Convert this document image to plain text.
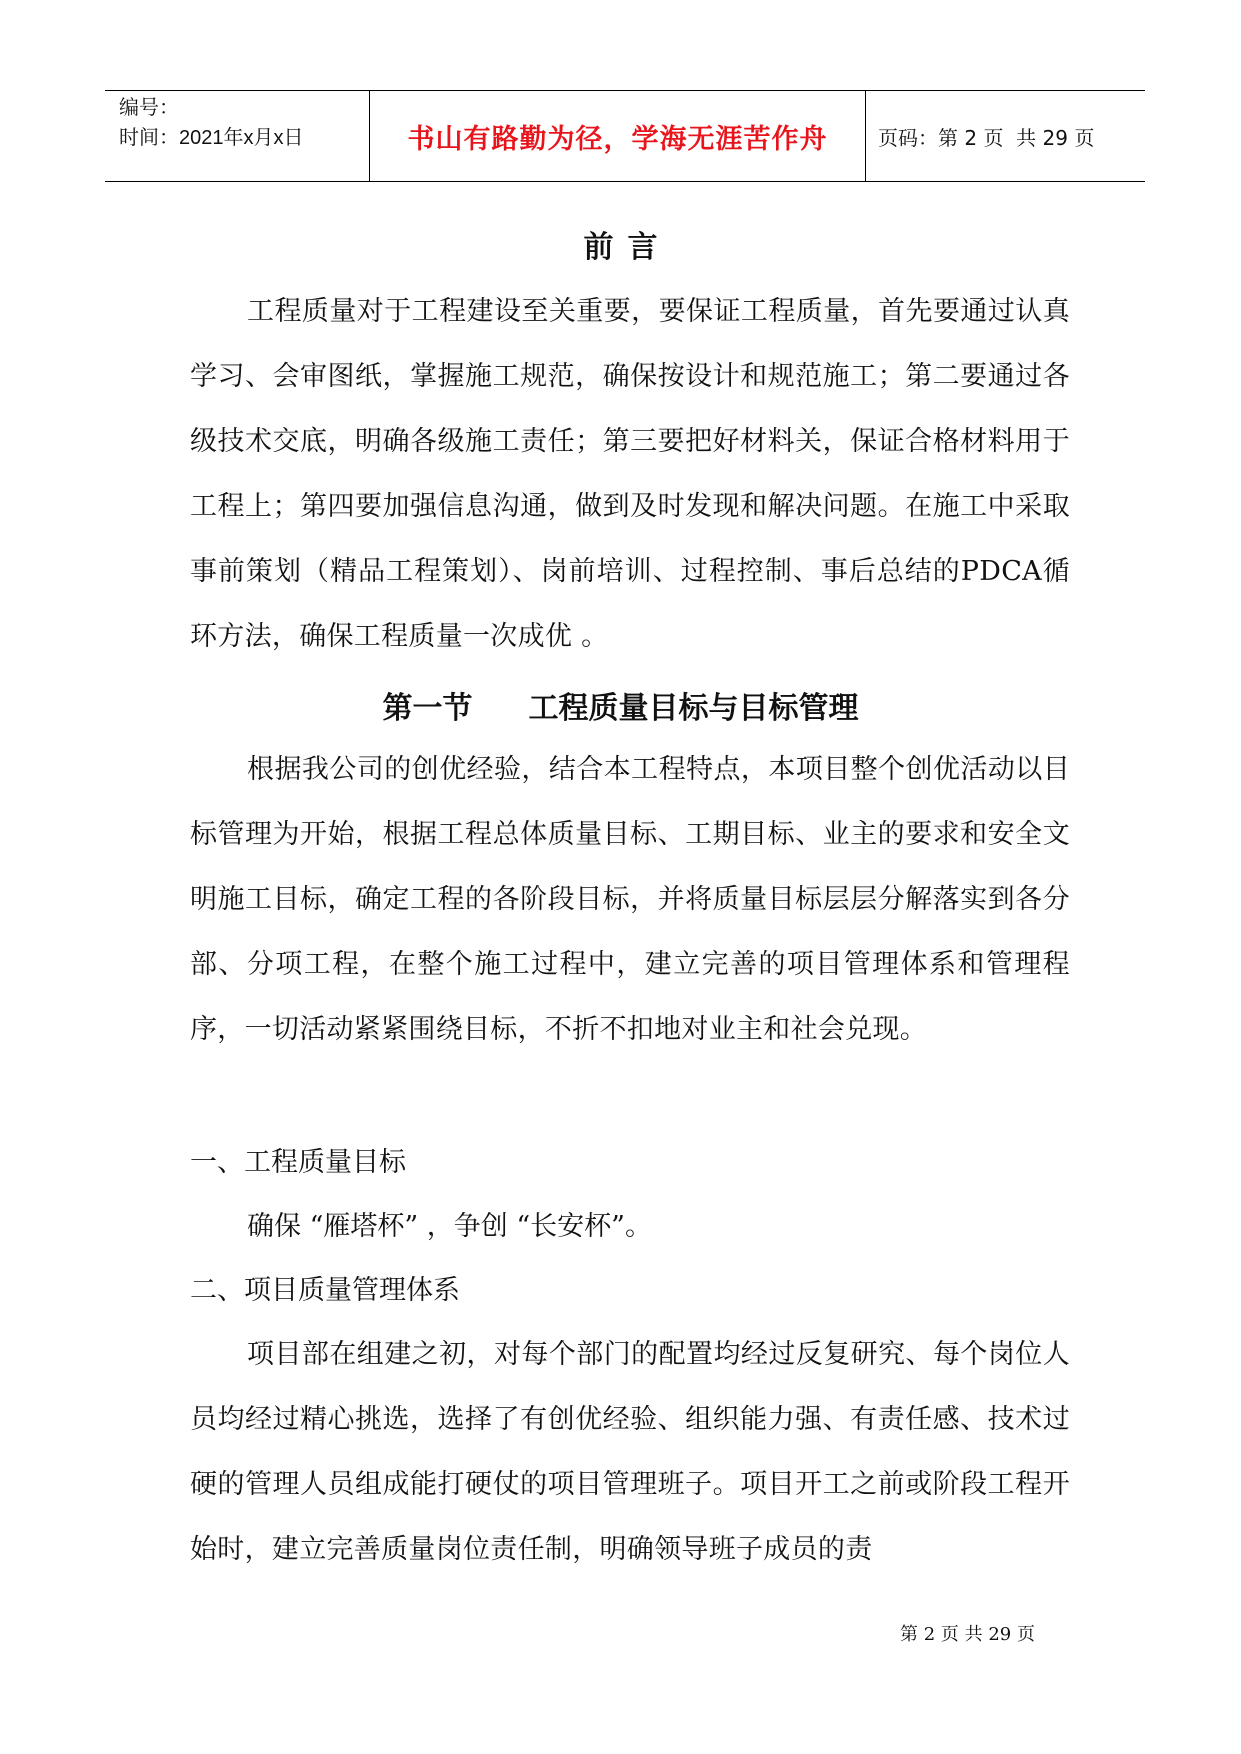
编号：
时间：2021年x月x日	书山有路勤为径，学海无涯苦作舟	页码：第 2 页  共 29 页
前言

工程质量对于工程建设至关重要，要保证工程质量，首先要通过认真学习、会审图纸，掌握施工规范，确保按设计和规范施工；第二要通过各级技术交底，明确各级施工责任；第三要把好材料关，保证合格材料用于工程上；第四要加强信息沟通，做到及时发现和解决问题。在施工中采取事前策划（精品工程策划）、岗前培训、过程控制、事后总结的PDCA循环方法，确保工程质量一次成优 。

第一节 工程质量目标与目标管理

根据我公司的创优经验，结合本工程特点，本项目整个创优活动以目标管理为开始，根据工程总体质量目标、工期目标、业主的要求和安全文明施工目标，确定工程的各阶段目标，并将质量目标层层分解落实到各分部、分项工程，在整个施工过程中，建立完善的项目管理体系和管理程序，一切活动紧紧围绕目标，不折不扣地对业主和社会兑现。

一、工程质量目标

确保 “雁塔杯” ，争创 “长安杯”。

二、项目质量管理体系

项目部在组建之初，对每个部门的配置均经过反复研究、每个岗位人员均经过精心挑选，选择了有创优经验、组织能力强、有责任感、技术过硬的管理人员组成能打硬仗的项目管理班子。项目开工之前或阶段工程开始时，建立完善质量岗位责任制，明确领导班子成员的责

第 2 页 共 29 页
